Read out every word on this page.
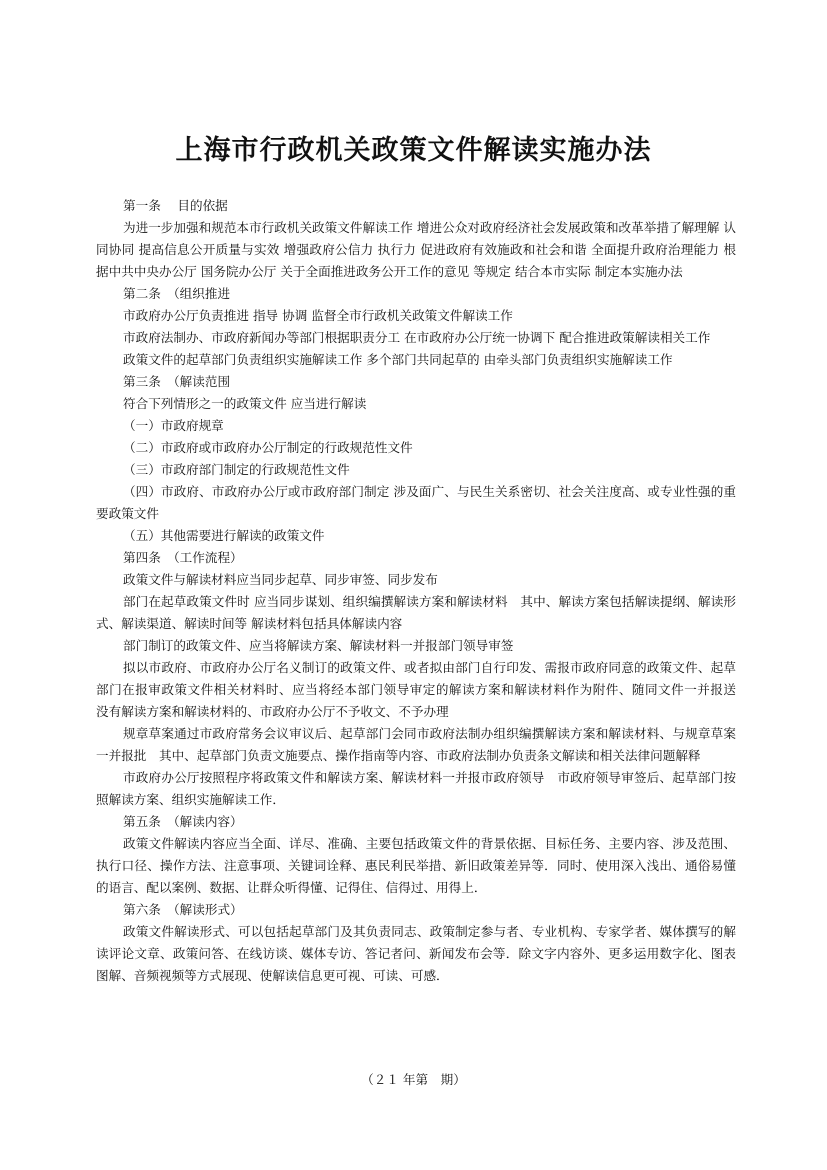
上海市行政机关政策文件解读实施办法

第一条　 目的依据

为进一步加强和规范本市行政机关政策文件解读工作 增进公众对政府经济社会发展政策和改革举措了解理解 认同协同 提高信息公开质量与实效 增强政府公信力 执行力 促进政府有效施政和社会和谐 全面提升政府治理能力 根据中共中央办公厅 国务院办公厅 关于全面推进政务公开工作的意见 等规定 结合本市实际 制定本实施办法

第二条　（组织推进

市政府办公厅负责推进 指导 协调 监督全市行政机关政策文件解读工作

市政府法制办、市政府新闻办等部门根据职责分工 在市政府办公厅统一协调下 配合推进政策解读相关工作

政策文件的起草部门负责组织实施解读工作 多个部门共同起草的 由牵头部门负责组织实施解读工作

第三条　（解读范围

符合下列情形之一的政策文件 应当进行解读

（一）市政府规章

（二）市政府或市政府办公厅制定的行政规范性文件

（三）市政府部门制定的行政规范性文件

（四）市政府、市政府办公厅或市政府部门制定 涉及面广、与民生关系密切、社会关注度高、或专业性强的重要政策文件

（五）其他需要进行解读的政策文件

第四条　（工作流程）

政策文件与解读材料应当同步起草、同步审签、同步发布

部门在起草政策文件时 应当同步谋划、组织编撰解读方案和解读材料　其中、解读方案包括解读提纲、解读形式、解读渠道、解读时间等 解读材料包括具体解读内容

部门制订的政策文件、应当将解读方案、解读材料一并报部门领导审签

拟以市政府、市政府办公厅名义制订的政策文件、或者拟由部门自行印发、需报市政府同意的政策文件、起草部门在报审政策文件相关材料时、应当将经本部门领导审定的解读方案和解读材料作为附件、随同文件一并报送　没有解读方案和解读材料的、市政府办公厅不予收文、不予办理

规章草案通过市政府常务会议审议后、起草部门会同市政府法制办组织编撰解读方案和解读材料、与规章草案一并报批　其中、起草部门负责文施要点、操作指南等内容、市政府法制办负责条文解读和相关法律问题解释

市政府办公厅按照程序将政策文件和解读方案、解读材料一并报市政府领导　市政府领导审签后、起草部门按照解读方案、组织实施解读工作．

第五条　（解读内容）

政策文件解读内容应当全面、详尽、准确、主要包括政策文件的背景依据、目标任务、主要内容、涉及范围、执行口径、操作方法、注意事项、关键词诠释、惠民利民举措、新旧政策差异等．同时、使用深入浅出、通俗易懂的语言、配以案例、数据、让群众听得懂、记得住、信得过、用得上．

第六条　（解读形式）

政策文件解读形式、可以包括起草部门及其负责同志、政策制定参与者、专业机构、专家学者、媒体撰写的解读评论文章、政策问答、在线访谈、媒体专访、答记者问、新闻发布会等．除文字内容外、更多运用数字化、图表图解、音频视频等方式展现、使解读信息更可视、可读、可感．

（２１ 年第　期）
